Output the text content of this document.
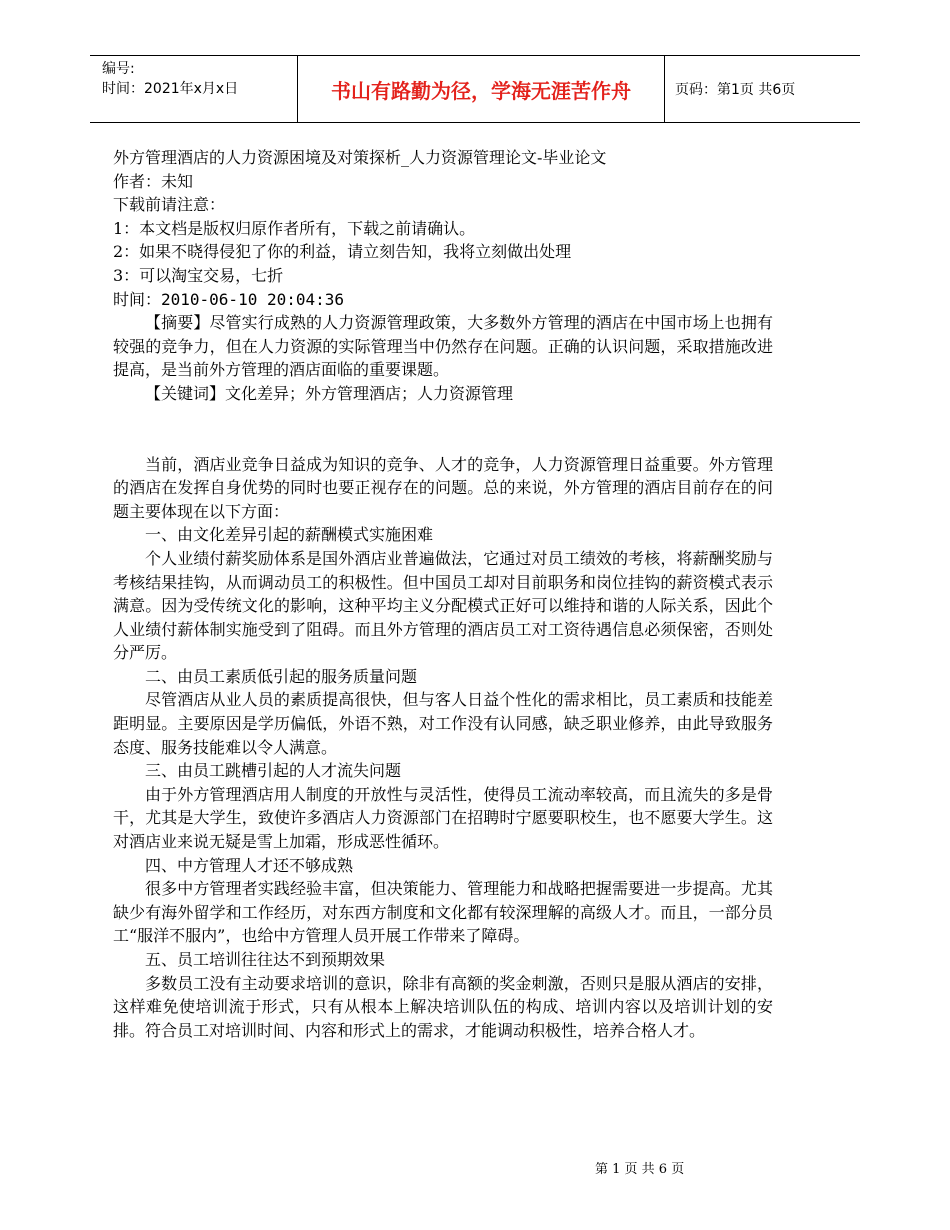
编号:
时间：2021年x月x日	书山有路勤为径，学海无涯苦作舟	页码：第1页 共6页

外方管理酒店的人力资源困境及对策探析_人力资源管理论文-毕业论文

作者：未知

下载前请注意：

1：本文档是版权归原作者所有，下载之前请确认。

2：如果不晓得侵犯了你的利益，请立刻告知，我将立刻做出处理

3：可以淘宝交易，七折

时间：2010-06-10 20:04:36

【摘要】尽管实行成熟的人力资源管理政策，大多数外方管理的酒店在中国市场上也拥有较强的竞争力，但在人力资源的实际管理当中仍然存在问题。正确的认识问题，采取措施改进提高，是当前外方管理的酒店面临的重要课题。

【关键词】文化差异；外方管理酒店；人力资源管理

当前，酒店业竞争日益成为知识的竞争、人才的竞争，人力资源管理日益重要。外方管理的酒店在发挥自身优势的同时也要正视存在的问题。总的来说，外方管理的酒店目前存在的问题主要体现在以下方面：

一、由文化差异引起的薪酬模式实施困难

个人业绩付薪奖励体系是国外酒店业普遍做法，它通过对员工绩效的考核，将薪酬奖励与考核结果挂钩，从而调动员工的积极性。但中国员工却对目前职务和岗位挂钩的薪资模式表示满意。因为受传统文化的影响，这种平均主义分配模式正好可以维持和谐的人际关系，因此个人业绩付薪体制实施受到了阻碍。而且外方管理的酒店员工对工资待遇信息必须保密，否则处分严厉。

二、由员工素质低引起的服务质量问题

尽管酒店从业人员的素质提高很快，但与客人日益个性化的需求相比，员工素质和技能差距明显。主要原因是学历偏低，外语不熟，对工作没有认同感，缺乏职业修养，由此导致服务态度、服务技能难以令人满意。

三、由员工跳槽引起的人才流失问题

由于外方管理酒店用人制度的开放性与灵活性，使得员工流动率较高，而且流失的多是骨干，尤其是大学生，致使许多酒店人力资源部门在招聘时宁愿要职校生，也不愿要大学生。这对酒店业来说无疑是雪上加霜，形成恶性循环。

四、中方管理人才还不够成熟

很多中方管理者实践经验丰富，但决策能力、管理能力和战略把握需要进一步提高。尤其缺少有海外留学和工作经历，对东西方制度和文化都有较深理解的高级人才。而且，一部分员工“服洋不服内”，也给中方管理人员开展工作带来了障碍。

五、员工培训往往达不到预期效果

多数员工没有主动要求培训的意识，除非有高额的奖金刺激，否则只是服从酒店的安排，这样难免使培训流于形式，只有从根本上解决培训队伍的构成、培训内容以及培训计划的安排。符合员工对培训时间、内容和形式上的需求，才能调动积极性，培养合格人才。

第 1 页 共 6 页
